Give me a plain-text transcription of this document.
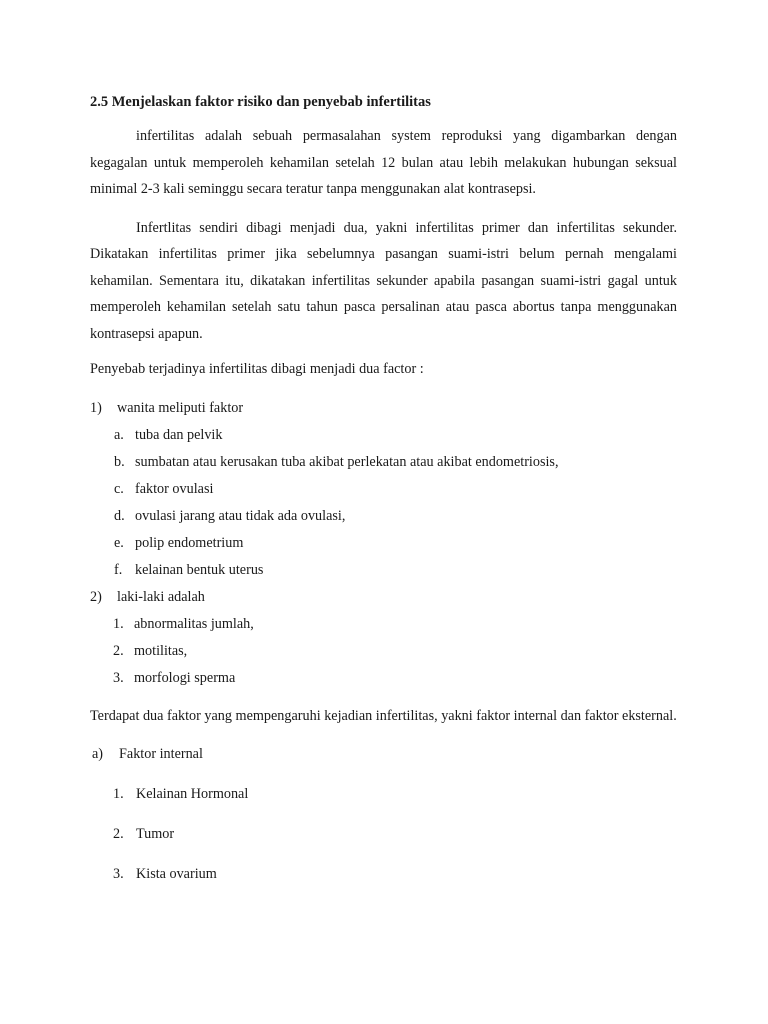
2.5 Menjelaskan faktor risiko dan penyebab infertilitas

infertilitas adalah sebuah permasalahan system reproduksi yang digambarkan dengan kegagalan untuk memperoleh kehamilan setelah 12 bulan atau lebih melakukan hubungan seksual minimal 2-3 kali seminggu secara teratur tanpa menggunakan alat kontrasepsi.

Infertlitas sendiri dibagi menjadi dua, yakni infertilitas primer dan infertilitas sekunder. Dikatakan infertilitas primer jika sebelumnya pasangan suami-istri belum pernah mengalami kehamilan. Sementara itu, dikatakan infertilitas sekunder apabila pasangan suami-istri gagal untuk memperoleh kehamilan setelah satu tahun pasca persalinan atau pasca abortus tanpa menggunakan kontrasepsi apapun.

Penyebab terjadinya infertilitas dibagi menjadi dua factor :

1)	wanita meliputi faktor
a. tuba dan pelvik
b. sumbatan atau kerusakan tuba akibat perlekatan atau akibat endometriosis,
c. faktor ovulasi
d. ovulasi jarang atau tidak ada ovulasi,
e. polip endometrium
f. kelainan bentuk uterus
2)	laki-laki adalah
1. abnormalitas jumlah,
2. motilitas,
3. morfologi sperma

Terdapat dua faktor yang mempengaruhi kejadian infertilitas, yakni faktor internal dan faktor eksternal.

a)	Faktor internal
1. Kelainan Hormonal
2. Tumor
3. Kista ovarium
